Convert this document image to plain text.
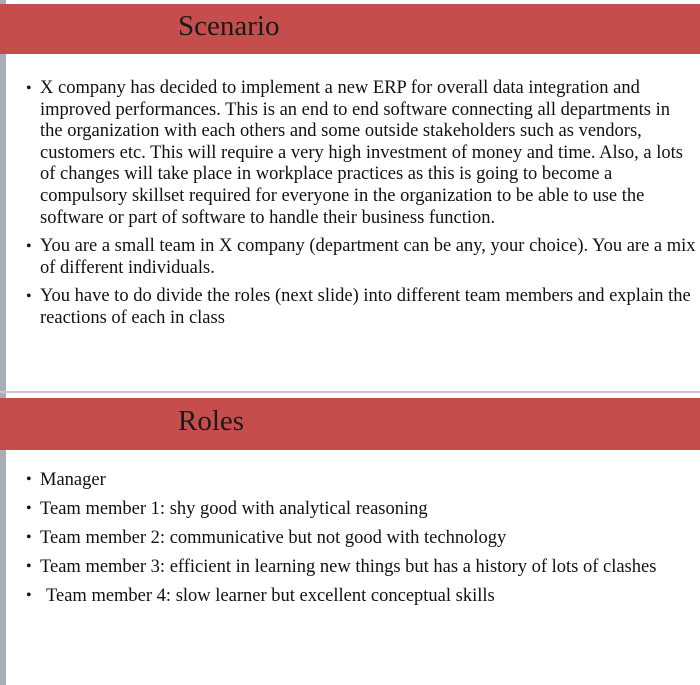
Scenario
• X company has decided to implement a new ERP for overall data integration and improved performances. This is an end to end software connecting all departments in the organization with each others and some outside stakeholders such as vendors, customers etc. This will require a very high investment of money and time. Also, a lots of changes will take place in workplace practices as this is going to become a compulsory skillset required for everyone in the organization to be able to use the software or part of software to handle their business function.
• You are a small team in X company (department can be any, your choice). You are a mix of different individuals.
• You have to do divide the roles (next slide) into different team members and explain the reactions of each in class
Roles
• Manager
• Team member 1: shy good with analytical reasoning
• Team member 2: communicative but not good with technology
• Team member 3: efficient in learning new things but has a history of lots of clashes
• Team member 4: slow learner but excellent conceptual skills
